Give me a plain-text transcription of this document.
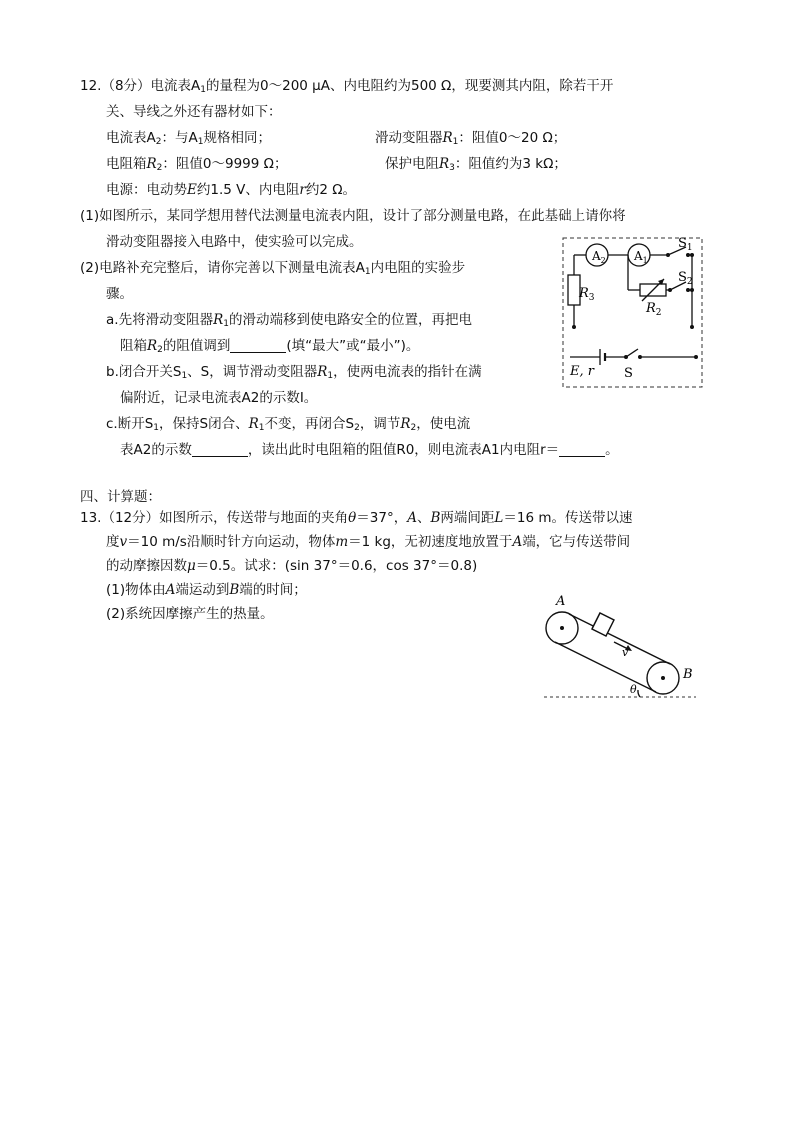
12.（8分）电流表$A_1$的量程为0～200 μA、内电阻约为500 Ω，现要测其内阻，除若干开
关、导线之外还有器材如下：
电流表$A_2$：与$A_1$规格相同；	滑动变阻器$R_1$：阻值0～20 Ω；
电阻箱$R_2$：阻值0～9999 Ω；	保护电阻$R_3$：阻值约为3 kΩ；
电源：电动势E约1.5 V、内电阻r约2 Ω。
(1)如图所示，某同学想用替代法测量电流表内阻，设计了部分测量电路，在此基础上请你将
滑动变阻器接入电路中，使实验可以完成。
(2)电路补充完整后，请你完善以下测量电流表$A_1$内电阻的实验步
骤。
a.先将滑动变阻器$R_1$的滑动端移到使电路安全的位置，再把电
阻箱$R_2$的阻值调到	(填“最大”或“最小”)。
b.闭合开关$S_1$、S，调节滑动变阻器$R_1$，使两电流表的指针在满
偏附近，记录电流表A2的示数I。
c.断开$S_1$，保持S闭合、$R_1$不变，再闭合$S_2$，调节$R_2$，使电流
表A2的示数	，读出此时电阻箱的阻值R0，则电流表A1内电阻r＝	。
$A_2$ $A_1$
$S_1$
$S_2$
$R_3$
$R_2$
E, r S
四、计算题：
13.（12分）如图所示，传送带与地面的夹角θ＝37°，A、B两端间距L＝16 m。传送带以速
度v＝10 m/s沿顺时针方向运动，物体m＝1 kg，无初速度地放置于A端，它与传送带间
的动摩擦因数μ＝0.5。试求：(sin 37°＝0.6，cos 37°＝0.8)
(1)物体由A端运动到B端的时间；
(2)系统因摩擦产生的热量。
A
B
v
θ
